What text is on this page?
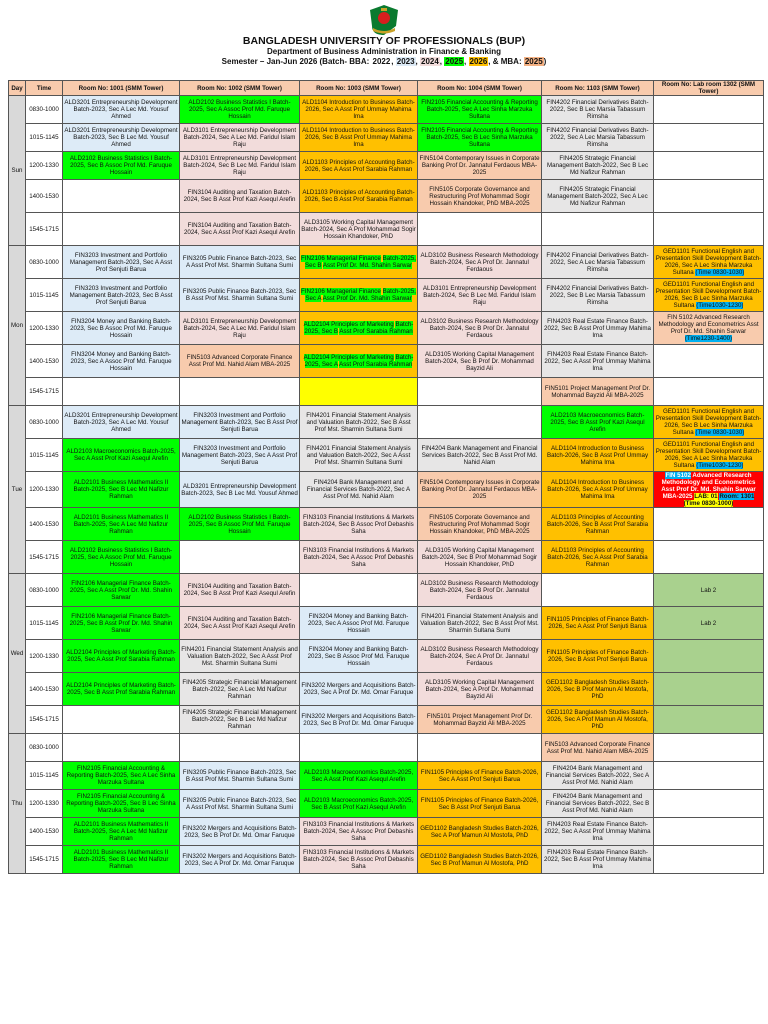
BANGLADESH UNIVERSITY OF PROFESSIONALS (BUP)
Department of Business Administration in Finance & Banking
Semester – Jan-Jun 2026 (Batch- BBA: 2022, 2023, 2024, 2025, 2026, & MBA: 2025)
Day	Time	Room No: 1001 (SMM Tower)	Room No: 1002 (SMM Tower)	Room No: 1003 (SMM Tower)	Room No: 1004 (SMM Tower)	Room No: 1103 (SMM Tower)	Room No: Lab room 1302 (SMM Tower)
Sun	0830-1000	ALD3201 Entrepreneurship Development Batch-2023, Sec A Lec Md. Yousuf Ahmed	ALD2102 Business Statistics I Batch-2025, Sec A Assoc Prof Md. Faruque Hossain	ALD1104 Introduction to Business Batch-2026, Sec A Asst Prof Ummay Mahima Ima	FIN2105 Financial Accounting & Reporting Batch-2025, Sec A Lec Sinha Marzuka Sultana	FIN4202 Financial Derivatives Batch-2022, Sec B Lec Marsia Tabassum Rimsha	
	1015-1145	ALD3201 Entrepreneurship Development Batch-2023, Sec B Lec Md. Yousuf Ahmed	ALD3101 Entrepreneurship Development Batch-2024, Sec A Lec Md. Faridul Islam Raju	ALD1104 Introduction to Business Batch-2026, Sec B Asst Prof Ummay Mahima Ima	FIN2105 Financial Accounting & Reporting Batch-2025, Sec B Lec Sinha Marzuka Sultana	FIN4202 Financial Derivatives Batch-2022, Sec A Lec Marsia Tabassum Rimsha	
	1200-1330	ALD2102 Business Statistics I Batch-2025, Sec B Assoc Prof Md. Faruque Hossain	ALD3101 Entrepreneurship Development Batch-2024, Sec B Lec Md. Faridul Islam Raju	ALD1103 Principles of Accounting Batch-2026, Sec A Asst Prof Sarabia Rahman	FIN5104 Contemporary Issues in Corporate Banking Prof Dr. Jannatul Ferdaous MBA-2025	FIN4205 Strategic Financial Management Batch-2022, Sec B Lec Md Nafizur Rahman	
	1400-1530		FIN3104 Auditing and Taxation Batch-2024, Sec B Asst Prof Kazi Asequl Arefin	ALD1103 Principles of Accounting Batch-2026, Sec B Asst Prof Sarabia Rahman	FIN5105 Corporate Governance and Restructuring Prof Mohammad Sogir Hossain Khandoker, PhD MBA-2025	FIN4205 Strategic Financial Management Batch-2022, Sec A Lec Md Nafizur Rahman	
	1545-1715		FIN3104 Auditing and Taxation Batch-2024, Sec A Asst Prof Kazi Asequl Arefin	ALD3105 Working Capital Management Batch-2024, Sec A Prof Mohammad Sogir Hossain Khandoker, PhD			
Mon	0830-1000	FIN3203 Investment and Portfolio Management Batch-2023, Sec A Asst Prof Senjuti Barua	FIN3205 Public Finance Batch-2023, Sec A Asst Prof Mst. Sharmin Sultana Sumi	FIN2106 Managerial Finance Batch-2025, Sec B Asst Prof Dr. Md. Shahin Sarwar	ALD3102 Business Research Methodology Batch-2024, Sec A Prof Dr. Jannatul Ferdaous	FIN4202 Financial Derivatives Batch-2022, Sec A Lec Marsia Tabassum Rimsha	GED1101 Functional English and Presentation Skill Development Batch-2026, Sec A Lec Sinha Marzuka Sultana (Time 0830-1030)
	1015-1145	FIN3203 Investment and Portfolio Management Batch-2023, Sec B Asst Prof Senjuti Barua	FIN3205 Public Finance Batch-2023, Sec B Asst Prof Mst. Sharmin Sultana Sumi	FIN2106 Managerial Finance Batch-2025, Sec A Asst Prof Dr. Md. Shahin Sarwar	ALD3101 Entrepreneurship Development Batch-2024, Sec B Lec Md. Faridul Islam Raju	FIN4202 Financial Derivatives Batch-2022, Sec B Lec Marsia Tabassum Rimsha	GED1101 Functional English and Presentation Skill Development Batch-2026, Sec B Lec Sinha Marzuka Sultana (Time1030-1230)
	1200-1330	FIN3204 Money and Banking Batch-2023, Sec B Assoc Prof Md. Faruque Hossain	ALD3101 Entrepreneurship Development Batch-2024, Sec A Lec Md. Faridul Islam Raju	ALD2104 Principles of Marketing Batch-2025, Sec B Asst Prof Sarabia Rahman	ALD3102 Business Research Methodology Batch-2024, Sec B Prof Dr. Jannatul Ferdaous	FIN4203 Real Estate Finance Batch-2022, Sec B Asst Prof Ummay Mahima Ima	FIN 5102 Advanced Research Methodology and Econometrics Asst Prof Dr. Md. Shahin Sarwar (Time1230-1400)
	1400-1530	FIN3204 Money and Banking Batch-2023, Sec A Assoc Prof Md. Faruque Hossain	FIN5103 Advanced Corporate Finance Asst Prof Md. Nahid Alam MBA-2025	ALD2104 Principles of Marketing Batch-2025, Sec A Asst Prof Sarabia Rahman	ALD3105 Working Capital Management Batch-2024, Sec B Prof Dr. Mohammad Bayzid Ali	FIN4203 Real Estate Finance Batch-2022, Sec A Asst Prof Ummay Mahima Ima	
	1545-1715					FIN5101 Project Management Prof Dr. Mohammad Bayzid Ali MBA-2025	
Tue	0830-1000	ALD3201 Entrepreneurship Development Batch-2023, Sec A Lec Md. Yousuf Ahmed	FIN3203 Investment and Portfolio Management Batch-2023, Sec B Asst Prof Senjuti Barua	FIN4201 Financial Statement Analysis and Valuation Batch-2022, Sec B Asst Prof Mst. Sharmin Sultana Sumi		ALD2103 Macroeconomics Batch-2025, Sec B Asst Prof Kazi Asequl Arefin	GED1101 Functional English and Presentation Skill Development Batch-2026, Sec B Lec Sinha Marzuka Sultana (Time 0830-1030)
	1015-1145	ALD2103 Macroeconomics Batch-2025, Sec A Asst Prof Kazi Asequl Arefin	FIN3203 Investment and Portfolio Management Batch-2023, Sec A Asst Prof Senjuti Barua	FIN4201 Financial Statement Analysis and Valuation Batch-2022, Sec A Asst Prof Mst. Sharmin Sultana Sumi	FIN4204 Bank Management and Financial Services Batch-2022, Sec B Asst Prof Md. Nahid Alam	ALD1104 Introduction to Business Batch-2026, Sec B Asst Prof Ummay Mahima Ima	GED1101 Functional English and Presentation Skill Development Batch-2026, Sec A Lec Sinha Marzuka Sultana (Time1030-1230)
	1200-1330	ALD2101 Business Mathematics II Batch-2025, Sec B Lec Md Nafizur Rahman	ALD3201 Entrepreneurship Development Batch-2023, Sec B Lec Md. Yousuf Ahmed	FIN4204 Bank Management and Financial Services Batch-2022, Sec A Asst Prof Md. Nahid Alam	FIN5104 Contemporary Issues in Corporate Banking Prof Dr. Jannatul Ferdaous MBA-2025	ALD1104 Introduction to Business Batch-2026, Sec A Asst Prof Ummay Mahima Ima	FIN 5102 Advanced Research Methodology and Econometrics Asst Prof Dr. Md. Shahin Sarwar MBA-2025 LAB: 01 Room: 1301 (Time 0830-1000)
	1400-1530	ALD2101 Business Mathematics II Batch-2025, Sec A Lec Md Nafizur Rahman	ALD2102 Business Statistics I Batch-2025, Sec B Assoc Prof Md. Faruque Hossain	FIN3103 Financial Institutions & Markets Batch-2024, Sec B Assoc Prof Debashis Saha	FIN5105 Corporate Governance and Restructuring Prof Mohammad Sogir Hossain Khandoker, PhD MBA-2025	ALD1103 Principles of Accounting Batch-2026, Sec B Asst Prof Sarabia Rahman	
	1545-1715	ALD2102 Business Statistics I Batch-2025, Sec A Assoc Prof Md. Faruque Hossain		FIN3103 Financial Institutions & Markets Batch-2024, Sec A Assoc Prof Debashis Saha	ALD3105 Working Capital Management Batch-2024, Sec B Prof Mohammad Sogir Hossain Khandoker, PhD	ALD1103 Principles of Accounting Batch-2026, Sec A Asst Prof Sarabia Rahman	
Wed	0830-1000	FIN2106 Managerial Finance Batch-2025, Sec A Asst Prof Dr. Md. Shahin Sarwar	FIN3104 Auditing and Taxation Batch-2024, Sec B Asst Prof Kazi Asequl Arefin		ALD3102 Business Research Methodology Batch-2024, Sec B Prof Dr. Jannatul Ferdaous		Lab 2
	1015-1145	FIN2106 Managerial Finance Batch-2025, Sec B Asst Prof Dr. Md. Shahin Sarwar	FIN3104 Auditing and Taxation Batch-2024, Sec A Asst Prof Kazi Asequl Arefin	FIN3204 Money and Banking Batch-2023, Sec A Assoc Prof Md. Faruque Hossain	FIN4201 Financial Statement Analysis and Valuation Batch-2022, Sec B Asst Prof Mst. Sharmin Sultana Sumi	FIN1105 Principles of Finance Batch-2026, Sec A Asst Prof Senjuti Barua	Lab 2
	1200-1330	ALD2104 Principles of Marketing Batch-2025, Sec A Asst Prof Sarabia Rahman	FIN4201 Financial Statement Analysis and Valuation Batch-2022, Sec A Asst Prof Mst. Sharmin Sultana Sumi	FIN3204 Money and Banking Batch-2023, Sec B Assoc Prof Md. Faruque Hossain	ALD3102 Business Research Methodology Batch-2024, Sec A Prof Dr. Jannatul Ferdaous	FIN1105 Principles of Finance Batch-2026, Sec B Asst Prof Senjuti Barua	
	1400-1530	ALD2104 Principles of Marketing Batch-2025, Sec B Asst Prof Sarabia Rahman	FIN4205 Strategic Financial Management Batch-2022, Sec A Lec Md Nafizur Rahman	FIN3202 Mergers and Acquisitions Batch-2023, Sec A Prof Dr. Md. Omar Faruque	ALD3105 Working Capital Management Batch-2024, Sec A Prof Dr. Mohammad Bayzid Ali	GED1102 Bangladesh Studies Batch-2026, Sec B Prof Mamun Al Mostofa, PhD	
	1545-1715		FIN4205 Strategic Financial Management Batch-2022, Sec B Lec Md Nafizur Rahman	FIN3202 Mergers and Acquisitions Batch-2023, Sec B Prof Dr. Md. Omar Faruque	FIN5101 Project Management Prof Dr. Mohammad Bayzid Ali MBA-2025	GED1102 Bangladesh Studies Batch-2026, Sec A Prof Mamun Al Mostofa, PhD	
Thu	0830-1000					FIN5103 Advanced Corporate Finance Asst Prof Md. Nahid Alam MBA-2025	
	1015-1145	FIN2105 Financial Accounting & Reporting Batch-2025, Sec A Lec Sinha Marzuka Sultana	FIN3205 Public Finance Batch-2023, Sec B Asst Prof Mst. Sharmin Sultana Sumi	ALD2103 Macroeconomics Batch-2025, Sec A Asst Prof Kazi Asequl Arefin	FIN1105 Principles of Finance Batch-2026, Sec A Asst Prof Senjuti Barua	FIN4204 Bank Management and Financial Services Batch-2022, Sec A Asst Prof Md. Nahid Alam	
	1200-1330	FIN2105 Financial Accounting & Reporting Batch-2025, Sec B Lec Sinha Marzuka Sultana	FIN3205 Public Finance Batch-2023, Sec A Asst Prof Mst. Sharmin Sultana Sumi	ALD2103 Macroeconomics Batch-2025, Sec B Asst Prof Kazi Asequl Arefin	FIN1105 Principles of Finance Batch-2026, Sec B Asst Prof Senjuti Barua	FIN4204 Bank Management and Financial Services Batch-2022, Sec B Asst Prof Md. Nahid Alam	
	1400-1530	ALD2101 Business Mathematics II Batch-2025, Sec A Lec Md Nafizur Rahman	FIN3202 Mergers and Acquisitions Batch-2023, Sec B Prof Dr. Md. Omar Faruque	FIN3103 Financial Institutions & Markets Batch-2024, Sec A Assoc Prof Debashis Saha	GED1102 Bangladesh Studies Batch-2026, Sec A Prof Mamun Al Mostofa, PhD	FIN4203 Real Estate Finance Batch-2022, Sec A Asst Prof Ummay Mahima Ima	
	1545-1715	ALD2101 Business Mathematics II Batch-2025, Sec B Lec Md Nafizur Rahman	FIN3202 Mergers and Acquisitions Batch-2023, Sec A Prof Dr. Md. Omar Faruque	FIN3103 Financial Institutions & Markets Batch-2024, Sec B Assoc Prof Debashis Saha	GED1102 Bangladesh Studies Batch-2026, Sec B Prof Mamun Al Mostofa, PhD	FIN4203 Real Estate Finance Batch-2022, Sec B Asst Prof Ummay Mahima Ima	
